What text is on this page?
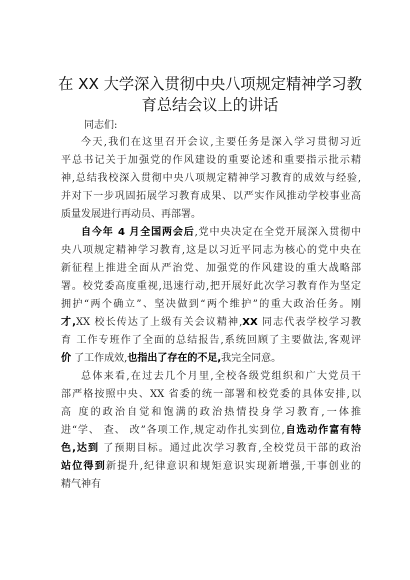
在 XX 大学深入贯彻中央八项规定精神学习教
育总结会议上的讲话
同志们:
今天,我们在这里召开会议,主要任务是深入学习贯彻习近
平总书记关于加强党的作风建设的重要论述和重要指示批示精
神,总结我校深入贯彻中央八项规定精神学习教育的成效与经验,
并对下一步巩固拓展学习教育成果、以严实作风推动学校事业高
质量发展进行再动员、再部署。
自今年 4 月全国两会后,党中央决定在全党开展深入贯彻中
央八项规定精神学习教育,这是以习近平同志为核心的党中央在
新征程上推进全面从严治党、加强党的作风建设的重大战略部
署。校党委高度重视,迅速行动,把开展好此次学习教育作为坚定
拥护“两个确立”、坚决做到“两个维护”的重大政治任务。刚
才,XX 校长传达了上级有关会议精神,XX 同志代表学校学习教
育 工作专班作了全面的总结报告,系统回顾了主要做法,客观评
价 了工作成效,也指出了存在的不足,我完全同意。
总体来看,在过去几个月里,全校各级党组织和广大党员干
部严格按照中央、XX 省委的统一部署和校党委的具体安排,以
高 度的政治自觉和饱满的政治热情投身学习教育,一体推
进“学、 查、 改”各项工作,规定动作扎实到位,自选动作富有特
色,达到 了预期目标。通过此次学习教育,全校党员干部的政治
站位得到新提升,纪律意识和规矩意识实现新增强,干事创业的
精气神有
